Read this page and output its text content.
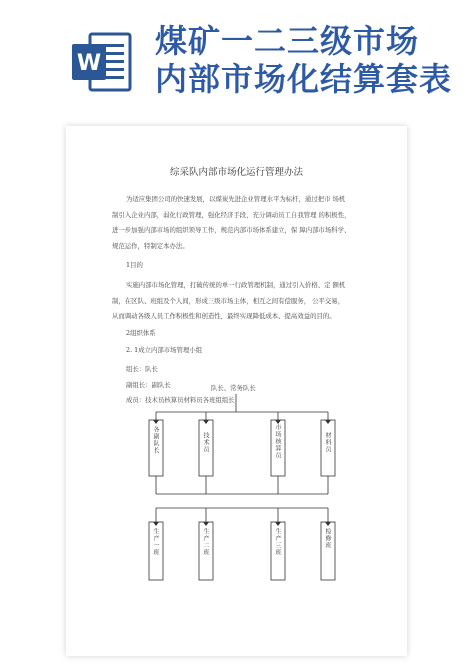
W
煤矿一二三级市场
内部市场化结算套表
综采队内部市场化运行管理办法
为适应集团公司的快速发展，以煤炭先进企业管理水平为标杆，通过把市 场机
制引入企业内部，弱化行政管理，强化经济手段，充分调动员工自我管理 的积极性，
进一步加强内部市场的组织领导工作，规范内部市场体系建立，保 障内部市场科学、
规范运作，特制定本办法。
1目的
实施内部市场化管理，打破传统的单一行政管理机制，通过引入价格、定 额机
制，在区队、班组及个人间，形成三级市场主体，相互之间有偿服务， 公平交易，
从而调动各级人员工作积极性和创造性，最终实现降低成本、提高效益的目的。
2组织体系
2. 1成立内部市场管理小组
组长：队长
副组长：副队长
成员：技术员核算员材料员各班组组长
队长、常务队长
各副队长	技术员	市场核算员	材料员
生产一班	生产二班	生产三班	检修班
